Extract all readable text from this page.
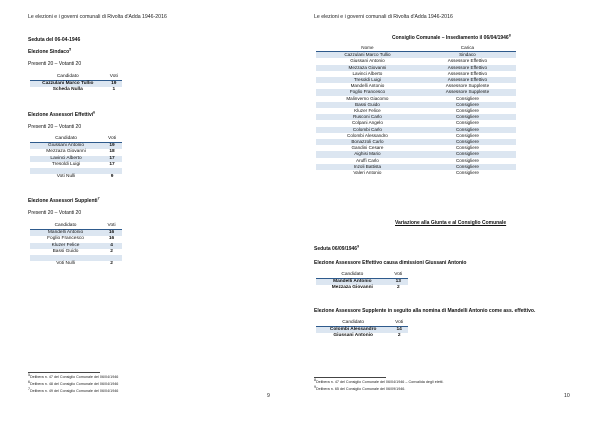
Le elezioni e i governi comunali di Rivolta d'Adda 1946-2016
Seduta del 06-04-1946
Elezione Sindaco$^5$
Presenti 20 – Votanti 20
Candidato	Voti
Cazzulani Marco Tullio	19
Scheda Nulla	1
Elezione Assessori Effettivi$^6$
Presenti 20 – Votanti 20
Candidato	Voti
Giussani Antonio	19
Mezzaza Giovanni	18
Lavinci Alberto	17
Tresoldi Luigi	17

Voti Nulli	9
Elezione Assessori Supplenti$^7$
Presenti 20 – Votanti 20
Candidato	Voti
Mandelli Antonio	16
Foglio Francesco	16
Kluzer Felice	4
Bassi Guido	2

Voti Nulli	2
$^5$Delibera n. 47 del Consiglio Comunale del 06/04/1946
$^6$Delibera n. 48 del Consiglio Comunale del 06/04/1946
$^7$Delibera n. 49 del Consiglio Comunale del 06/04/1946
9
Le elezioni e i governi comunali di Rivolta d'Adda 1946-2016
Consiglio Comunale – Insediamento il 06/04/1946$^8$
Nome	Carica
Cazzulani Marco Tullio	Sindaco
Giussani Antonio	Assessore Effettivo
Mezzaza Giovanni	Assessore Effettivo
Lavinci Alberto	Assessore Effettivo
Tresoldi Luigi	Assessore Effettivo
Mandelli Antonio	Assessore Supplente
Foglio Francesco	Assessore Supplente
Malinverno Giacomo	Consigliere
Bassi Guido	Consigliere
Kluzer Felice	Consigliere
Rusconi Carlo	Consigliere
Colpani Angelo	Consigliere
Colombi Carlo	Consigliere
Colombi Alessandro	Consigliere
Bonazzoli Carlo	Consigliere
Gandini Cesare	Consigliere
Aighisi Mario	Consigliere
Aruffi Carlo	Consigliere
Inzoli Battista	Consigliere
Valeri Antonio	Consigliere
Variazione alla Giunta e al Consiglio Comunale
Seduta 06/09/1946$^9$
Elezione Assessore Effettivo causa dimissioni Giussani Antonio
Candidato	Voti
Mandelli Antonio	13
Mezzaza Giovanni	2
Elezione Assessore Supplente in seguito alla nomina di Mandelli Antonio come ass. effettivo.
Candidato	Voti
Colombi Alessandro	14
Giussani Antonio	2
$^8$Delibera n. 47 del Consiglio Comunale del 06/04/1946 – Convalida degli eletti.
$^9$Delibera n. 65 del Consiglio Comunale del 06/09/1946.
10
